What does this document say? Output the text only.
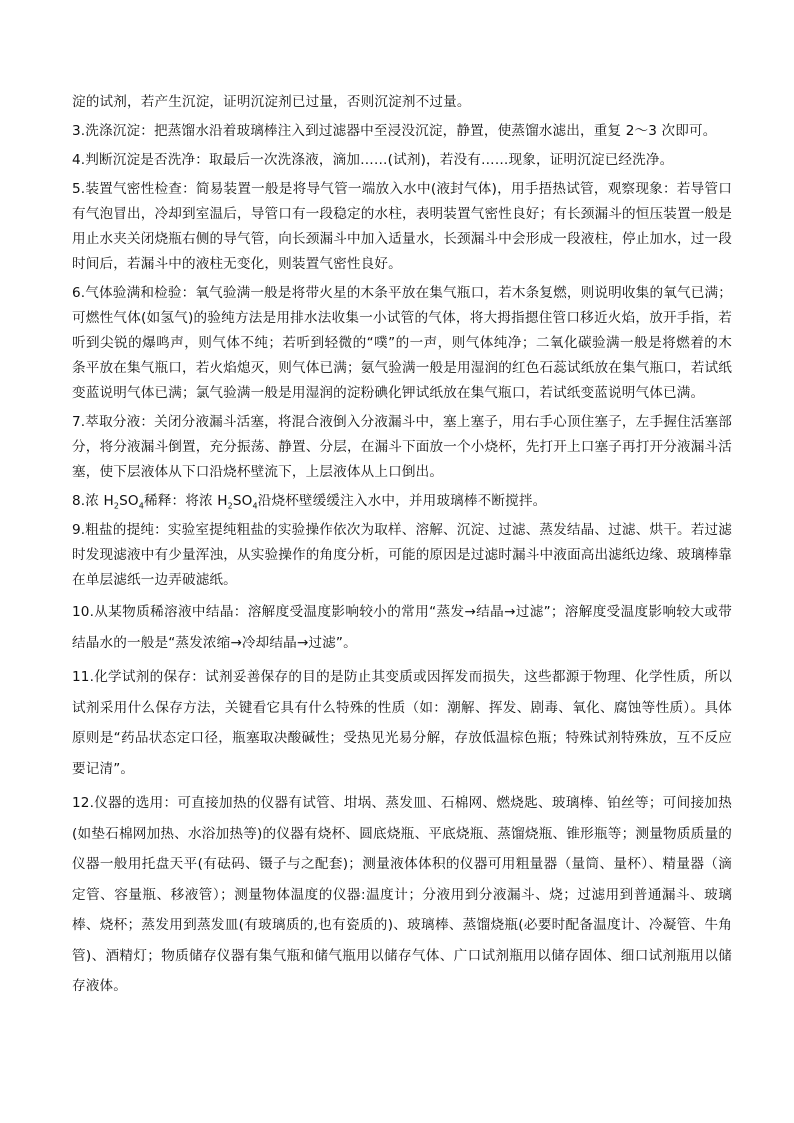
淀的试剂，若产生沉淀，证明沉淀剂已过量，否则沉淀剂不过量。

3.洗涤沉淀：把蒸馏水沿着玻璃棒注入到过滤器中至浸没沉淀，静置，使蒸馏水滤出，重复 2～3 次即可。

4.判断沉淀是否洗净：取最后一次洗涤液，滴加……(试剂)，若没有……现象，证明沉淀已经洗净。

5.装置气密性检查：简易装置一般是将导气管一端放入水中(液封气体)，用手捂热试管，观察现象：若导管口有气泡冒出，冷却到室温后，导管口有一段稳定的水柱，表明装置气密性良好；有长颈漏斗的恒压装置一般是用止水夹关闭烧瓶右侧的导气管，向长颈漏斗中加入适量水，长颈漏斗中会形成一段液柱，停止加水，过一段时间后，若漏斗中的液柱无变化，则装置气密性良好。

6.气体验满和检验：氧气验满一般是将带火星的木条平放在集气瓶口，若木条复燃，则说明收集的氧气已满；可燃性气体(如氢气)的验纯方法是用排水法收集一小试管的气体，将大拇指摁住管口移近火焰，放开手指，若听到尖锐的爆鸣声，则气体不纯；若听到轻微的“噗”的一声，则气体纯净；二氧化碳验满一般是将燃着的木条平放在集气瓶口，若火焰熄灭，则气体已满；氨气验满一般是用湿润的红色石蕊试纸放在集气瓶口，若试纸变蓝说明气体已满；氯气验满一般是用湿润的淀粉碘化钾试纸放在集气瓶口，若试纸变蓝说明气体已满。

7.萃取分液：关闭分液漏斗活塞，将混合液倒入分液漏斗中，塞上塞子，用右手心顶住塞子，左手握住活塞部分，将分液漏斗倒置，充分振荡、静置、分层，在漏斗下面放一个小烧杯，先打开上口塞子再打开分液漏斗活塞，使下层液体从下口沿烧杯壁流下，上层液体从上口倒出。

8.浓 $H_2SO_4$稀释：将浓 $H_2SO_4$沿烧杯壁缓缓注入水中，并用玻璃棒不断搅拌。

9.粗盐的提纯：实验室提纯粗盐的实验操作依次为取样、溶解、沉淀、过滤、蒸发结晶、过滤、烘干。若过滤时发现滤液中有少量浑浊，从实验操作的角度分析，可能的原因是过滤时漏斗中液面高出滤纸边缘、玻璃棒靠在单层滤纸一边弄破滤纸。

10.从某物质稀溶液中结晶：溶解度受温度影响较小的常用“蒸发→结晶→过滤”；溶解度受温度影响较大或带结晶水的一般是“蒸发浓缩→冷却结晶→过滤”。

11.化学试剂的保存：试剂妥善保存的目的是防止其变质或因挥发而损失，这些都源于物理、化学性质，所以试剂采用什么保存方法，关键看它具有什么特殊的性质（如：潮解、挥发、剧毒、氧化、腐蚀等性质）。具体原则是“药品状态定口径，瓶塞取决酸碱性；受热见光易分解，存放低温棕色瓶；特殊试剂特殊放，互不反应要记清”。

12.仪器的选用：可直接加热的仪器有试管、坩埚、蒸发皿、石棉网、燃烧匙、玻璃棒、铂丝等；可间接加热(如垫石棉网加热、水浴加热等)的仪器有烧杯、圆底烧瓶、平底烧瓶、蒸馏烧瓶、锥形瓶等；测量物质质量的仪器一般用托盘天平(有砝码、镊子与之配套)；测量液体体积的仪器可用粗量器（量筒、量杯）、精量器（滴定管、容量瓶、移液管）；测量物体温度的仪器:温度计；分液用到分液漏斗、烧；过滤用到普通漏斗、玻璃棒、烧杯；蒸发用到蒸发皿(有玻璃质的,也有瓷质的)、玻璃棒、蒸馏烧瓶(必要时配备温度计、冷凝管、牛角管)、酒精灯；物质储存仪器有集气瓶和储气瓶用以储存气体、广口试剂瓶用以储存固体、细口试剂瓶用以储存液体。
